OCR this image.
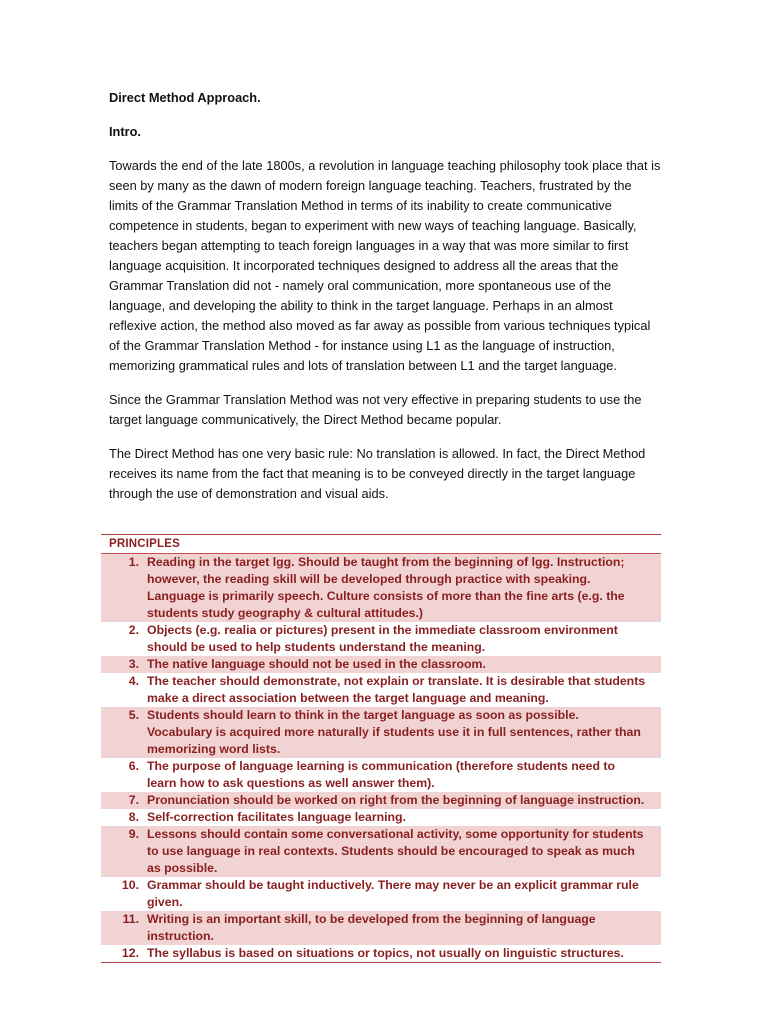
Direct Method Approach.
Intro.

Towards the end of the late 1800s, a revolution in language teaching philosophy took place that is seen by many as the dawn of modern foreign language teaching. Teachers, frustrated by the limits of the Grammar Translation Method in terms of its inability to create communicative competence in students, began to experiment with new ways of teaching language. Basically, teachers began attempting to teach foreign languages in a way that was more similar to first language acquisition. It incorporated techniques designed to address all the areas that the Grammar Translation did not - namely oral communication, more spontaneous use of the language, and developing the ability to think in the target language. Perhaps in an almost reflexive action, the method also moved as far away as possible from various techniques typical of the Grammar Translation Method - for instance using L1 as the language of instruction, memorizing grammatical rules and lots of translation between L1 and the target language.

Since the Grammar Translation Method was not very effective in preparing students to use the target language communicatively, the Direct Method became popular.

The Direct Method has one very basic rule: No translation is allowed. In fact, the Direct Method receives its name from the fact that meaning is to be conveyed directly in the target language through the use of demonstration and visual aids.

PRINCIPLES
1. Reading in the target lgg. Should be taught from the beginning of lgg. Instruction; however, the reading skill will be developed through practice with speaking. Language is primarily speech. Culture consists of more than the fine arts (e.g. the students study geography & cultural attitudes.)
2. Objects (e.g. realia or pictures) present in the immediate classroom environment should be used to help students understand the meaning.
3. The native language should not be used in the classroom.
4. The teacher should demonstrate, not explain or translate. It is desirable that students make a direct association between the target language and meaning.
5. Students should learn to think in the target language as soon as possible. Vocabulary is acquired more naturally if students use it in full sentences, rather than memorizing word lists.
6. The purpose of language learning is communication (therefore students need to learn how to ask questions as well answer them).
7. Pronunciation should be worked on right from the beginning of language instruction.
8. Self-correction facilitates language learning.
9. Lessons should contain some conversational activity, some opportunity for students to use language in real contexts. Students should be encouraged to speak as much as possible.
10. Grammar should be taught inductively. There may never be an explicit grammar rule given.
11. Writing is an important skill, to be developed from the beginning of language instruction.
12. The syllabus is based on situations or topics, not usually on linguistic structures.
